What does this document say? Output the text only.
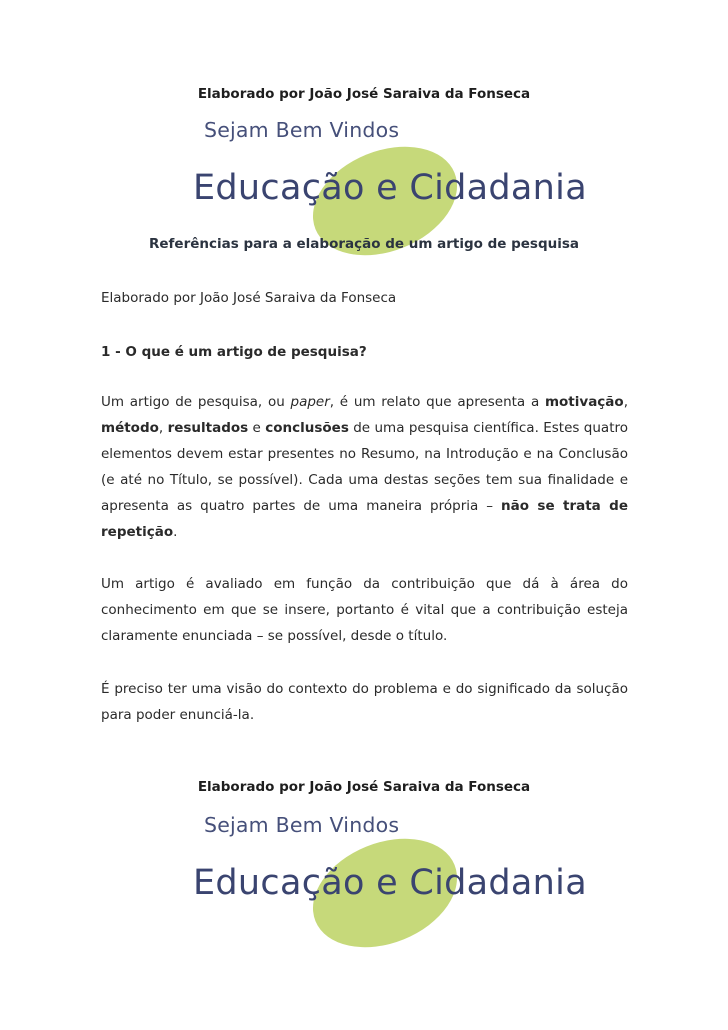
Elaborado por João José Saraiva da Fonseca
Sejam Bem Vindos
Educação e Cidadania
Referências para a elaboração de um artigo de pesquisa
Elaborado por João José Saraiva da Fonseca
1 - O que é um artigo de pesquisa?
Um artigo de pesquisa, ou paper, é um relato que apresenta a motivação, método, resultados e conclusões de uma pesquisa científica. Estes quatro elementos devem estar presentes no Resumo, na Introdução e na Conclusão (e até no Título, se possível). Cada uma destas seções tem sua finalidade e apresenta as quatro partes de uma maneira própria – não se trata de repetição.
Um artigo é avaliado em função da contribuição que dá à área do conhecimento em que se insere, portanto é vital que a contribuição esteja claramente enunciada – se possível, desde o título.
É preciso ter uma visão do contexto do problema e do significado da solução para poder enunciá-la.
Elaborado por João José Saraiva da Fonseca
Sejam Bem Vindos
Educação e Cidadania
